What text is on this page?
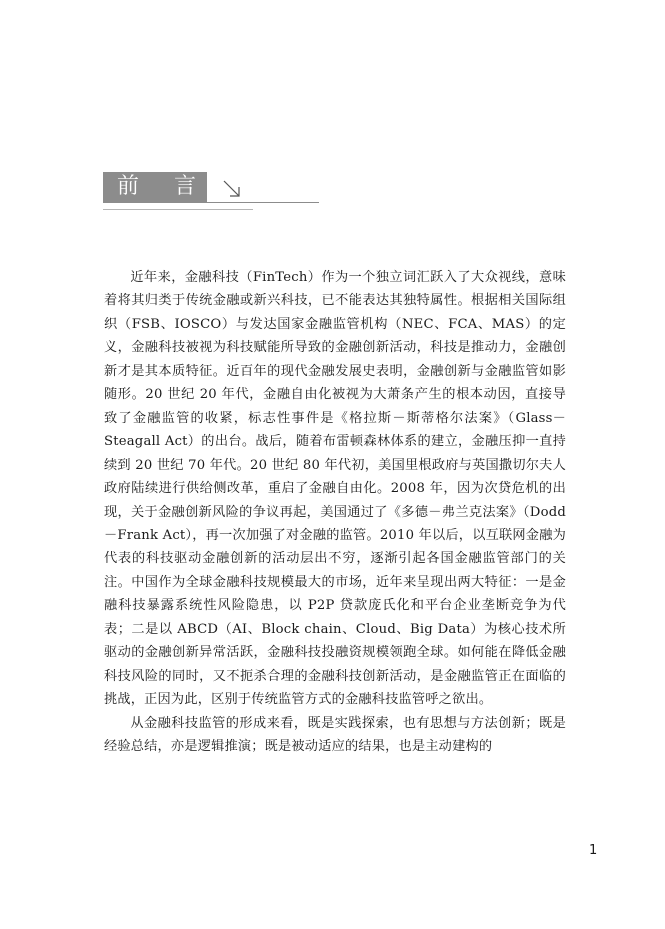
前 言

近年来，金融科技（FinTech）作为一个独立词汇跃入了大众视线，意味着将其归类于传统金融或新兴科技，已不能表达其独特属性。根据相关国际组织（FSB、IOSCO）与发达国家金融监管机构（NEC、FCA、MAS）的定义，金融科技被视为科技赋能所导致的金融创新活动，科技是推动力，金融创新才是其本质特征。近百年的现代金融发展史表明，金融创新与金融监管如影随形。20 世纪 20 年代，金融自由化被视为大萧条产生的根本动因，直接导致了金融监管的收紧，标志性事件是《格拉斯－斯蒂格尔法案》（Glass－Steagall Act）的出台。战后，随着布雷顿森林体系的建立，金融压抑一直持续到 20 世纪 70 年代。20 世纪 80 年代初，美国里根政府与英国撒切尔夫人政府陆续进行供给侧改革，重启了金融自由化。2008 年，因为次贷危机的出现，关于金融创新风险的争议再起，美国通过了《多德－弗兰克法案》（Dodd－Frank Act），再一次加强了对金融的监管。2010 年以后，以互联网金融为代表的科技驱动金融创新的活动层出不穷，逐渐引起各国金融监管部门的关注。中国作为全球金融科技规模最大的市场，近年来呈现出两大特征：一是金融科技暴露系统性风险隐患，以 P2P 贷款庞氏化和平台企业垄断竞争为代表；二是以 ABCD（AI、Block chain、Cloud、Big Data）为核心技术所驱动的金融创新异常活跃，金融科技投融资规模领跑全球。如何能在降低金融科技风险的同时，又不扼杀合理的金融科技创新活动，是金融监管正在面临的挑战，正因为此，区别于传统监管方式的金融科技监管呼之欲出。

从金融科技监管的形成来看，既是实践探索，也有思想与方法创新；既是经验总结，亦是逻辑推演；既是被动适应的结果，也是主动建构的

1
